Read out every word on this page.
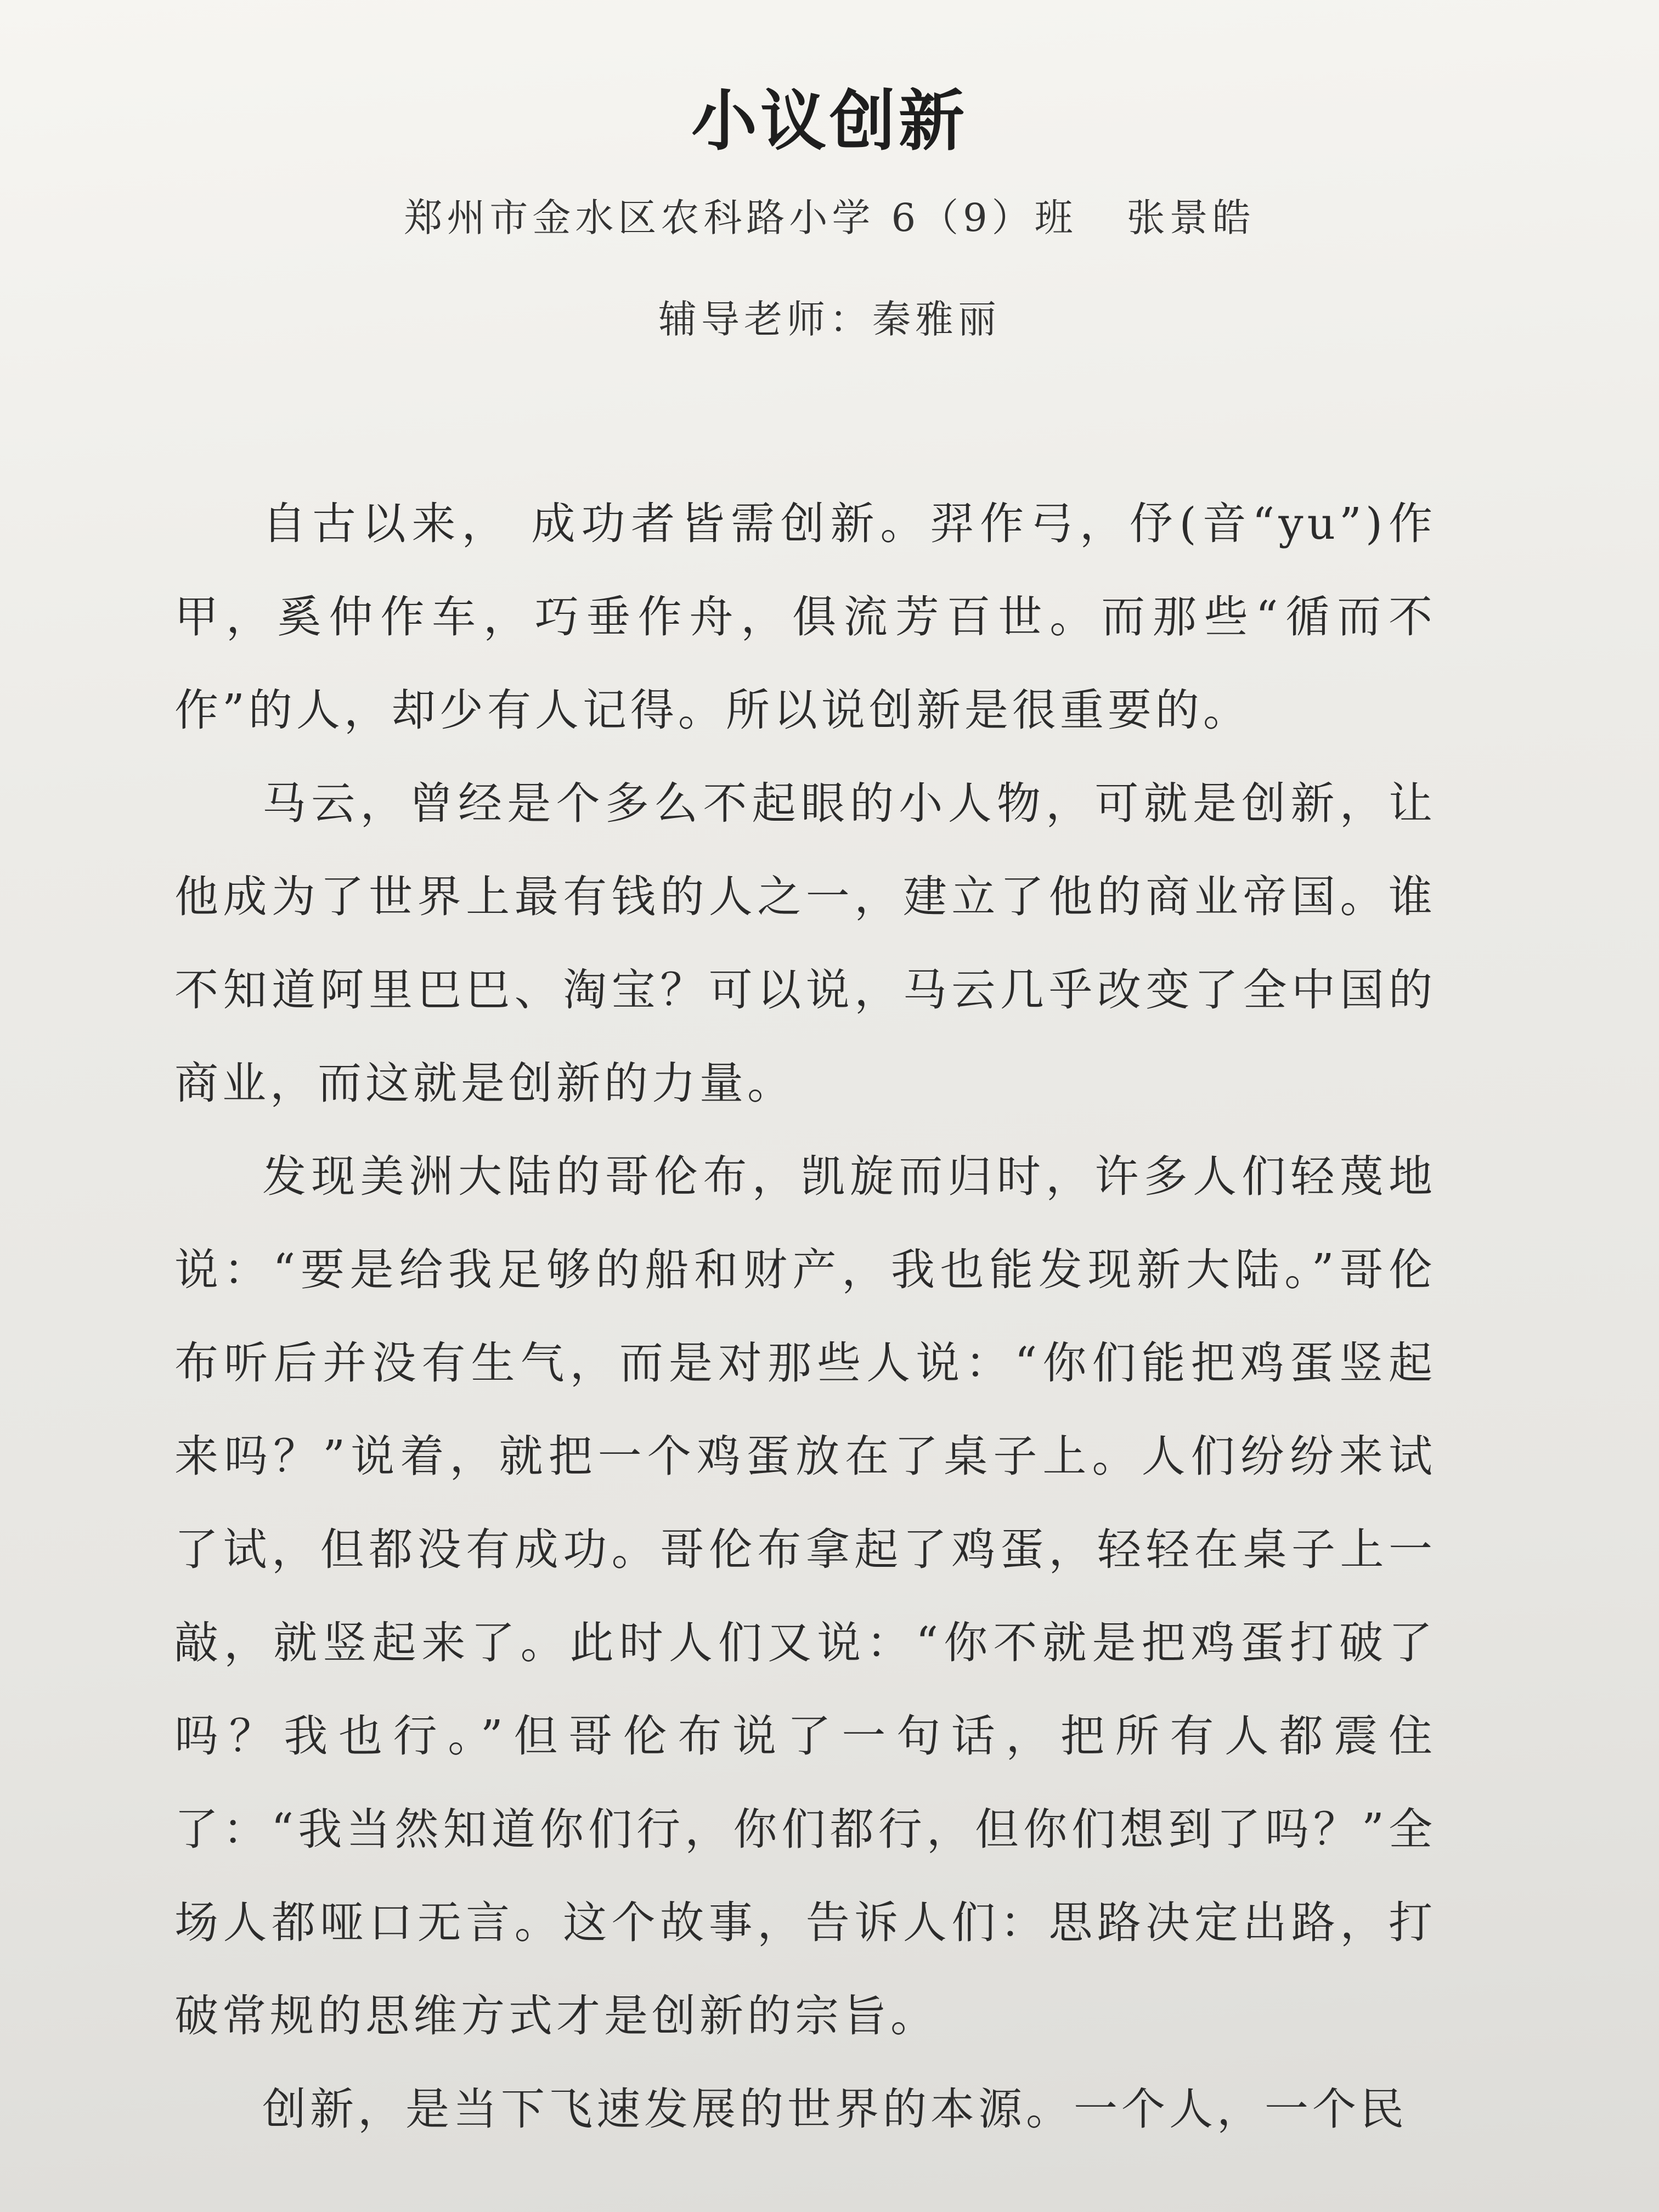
小议创新
郑州市金水区农科路小学 6（9）班 张景皓
辅导老师：秦雅丽

自古以来， 成功者皆需创新。羿作弓，伃(音“yu”)作甲，奚仲作车，巧垂作舟，俱流芳百世。而那些“循而不作”的人，却少有人记得。所以说创新是很重要的。

马云，曾经是个多么不起眼的小人物，可就是创新，让他成为了世界上最有钱的人之一，建立了他的商业帝国。谁不知道阿里巴巴、淘宝？可以说，马云几乎改变了全中国的商业，而这就是创新的力量。

发现美洲大陆的哥伦布，凯旋而归时，许多人们轻蔑地说：“要是给我足够的船和财产，我也能发现新大陆。”哥伦布听后并没有生气，而是对那些人说：“你们能把鸡蛋竖起来吗？”说着，就把一个鸡蛋放在了桌子上。人们纷纷来试了试，但都没有成功。哥伦布拿起了鸡蛋，轻轻在桌子上一敲，就竖起来了。此时人们又说：“你不就是把鸡蛋打破了吗？我也行。”但哥伦布说了一句话，把所有人都震住了：“我当然知道你们行，你们都行，但你们想到了吗？”全场人都哑口无言。这个故事，告诉人们：思路决定出路，打破常规的思维方式才是创新的宗旨。

创新，是当下飞速发展的世界的本源。一个人，一个民
